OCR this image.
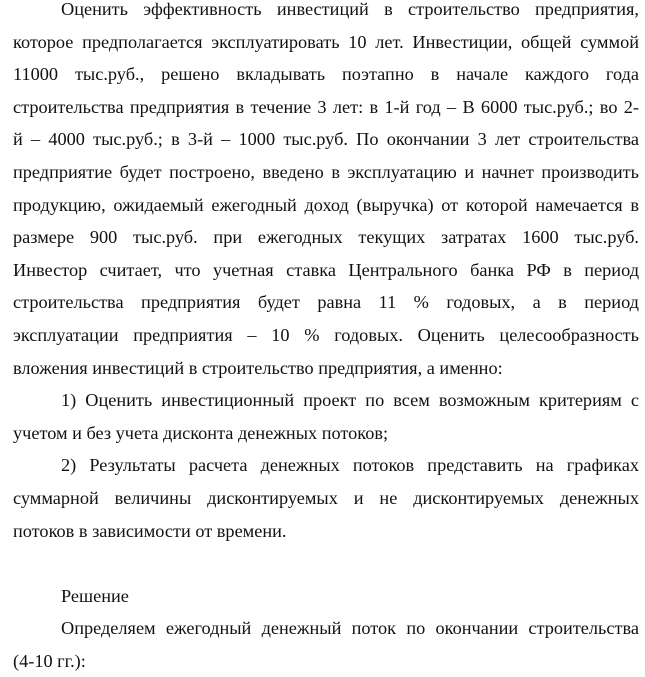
Оценить эффективность инвестиций в строительство предприятия,
которое предполагается эксплуатировать 10 лет. Инвестиции, общей суммой
11000 тыс.руб., решено вкладывать поэтапно в начале каждого года
строительства предприятия в течение 3 лет: в 1-й год – В 6000 тыс.руб.; во 2-
й – 4000 тыс.руб.; в 3-й – 1000 тыс.руб. По окончании 3 лет строительства
предприятие будет построено, введено в эксплуатацию и начнет производить
продукцию, ожидаемый ежегодный доход (выручка) от которой намечается в
размере 900 тыс.руб. при ежегодных текущих затратах 1600 тыс.руб.
Инвестор считает, что учетная ставка Центрального банка РФ в период
строительства предприятия будет равна 11 % годовых, а в период
эксплуатации предприятия – 10 % годовых. Оценить целесообразность
вложения инвестиций в строительство предприятия, а именно:
1) Оценить инвестиционный проект по всем возможным критериям с
учетом и без учета дисконта денежных потоков;
2) Результаты расчета денежных потоков представить на графиках
суммарной величины дисконтируемых и не дисконтируемых денежных
потоков в зависимости от времени.
Решение
Определяем ежегодный денежный поток по окончании строительства
(4-10 гг.):
